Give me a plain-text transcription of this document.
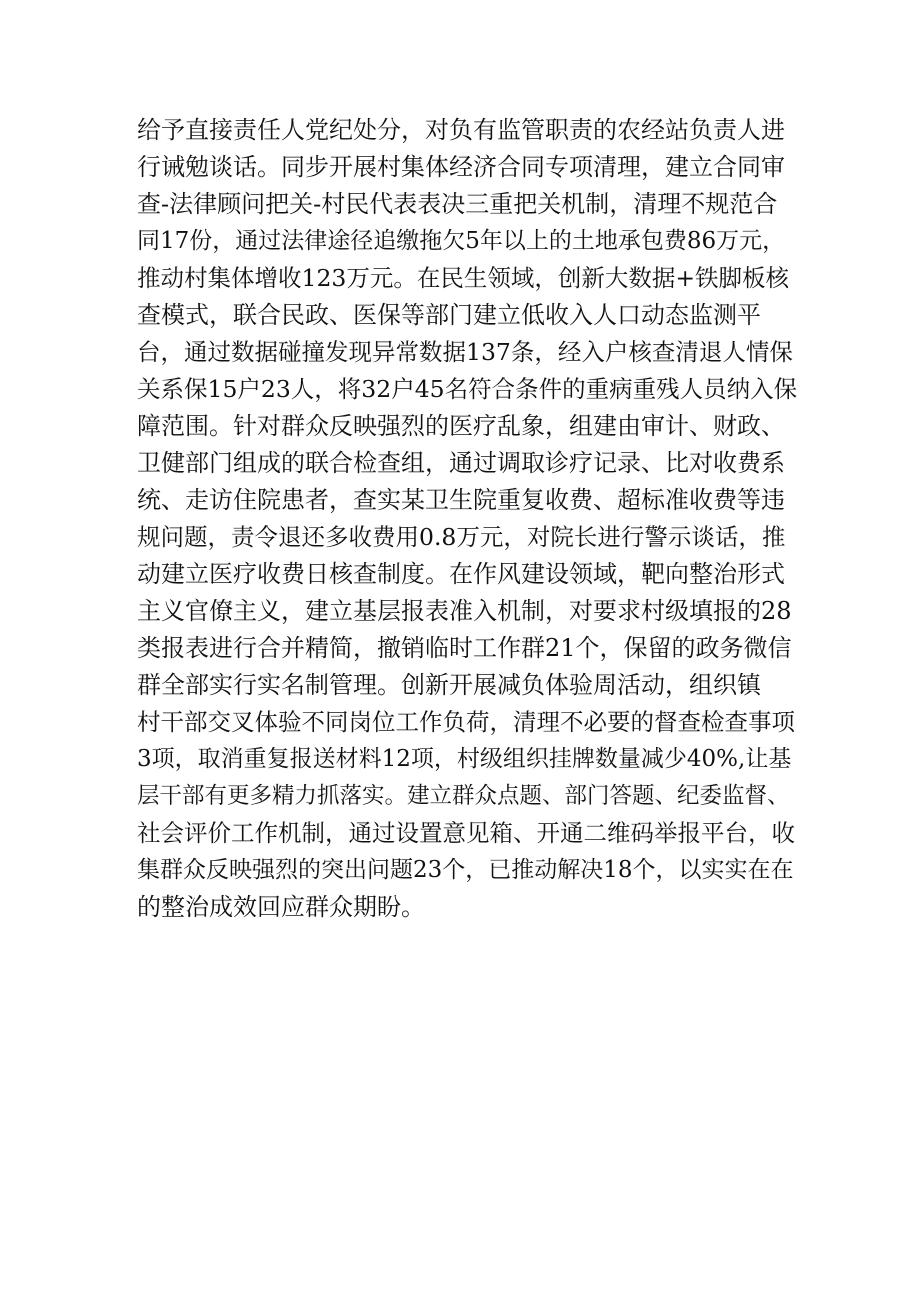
给予直接责任人党纪处分，对负有监管职责的农经站负责人进
行诫勉谈话。同步开展村集体经济合同专项清理，建立合同审
查-法律顾问把关-村民代表表决三重把关机制，清理不规范合
同17份，通过法律途径追缴拖欠5年以上的土地承包费86万元，
推动村集体增收123万元。在民生领域，创新大数据+铁脚板核
查模式，联合民政、医保等部门建立低收入人口动态监测平
台，通过数据碰撞发现异常数据137条，经入户核查清退人情保
关系保15户23人，将32户45名符合条件的重病重残人员纳入保
障范围。针对群众反映强烈的医疗乱象，组建由审计、财政、
卫健部门组成的联合检查组，通过调取诊疗记录、比对收费系
统、走访住院患者，查实某卫生院重复收费、超标准收费等违
规问题，责令退还多收费用0.8万元，对院长进行警示谈话，推
动建立医疗收费日核查制度。在作风建设领域，靶向整治形式
主义官僚主义，建立基层报表准入机制，对要求村级填报的28
类报表进行合并精简，撤销临时工作群21个，保留的政务微信
群全部实行实名制管理。创新开展减负体验周活动，组织镇
村干部交叉体验不同岗位工作负荷，清理不必要的督查检查事项
3项，取消重复报送材料12项，村级组织挂牌数量减少40%,让基
层干部有更多精力抓落实。建立群众点题、部门答题、纪委监督、
社会评价工作机制，通过设置意见箱、开通二维码举报平台，收
集群众反映强烈的突出问题23个，已推动解决18个，以实实在在
的整治成效回应群众期盼。
